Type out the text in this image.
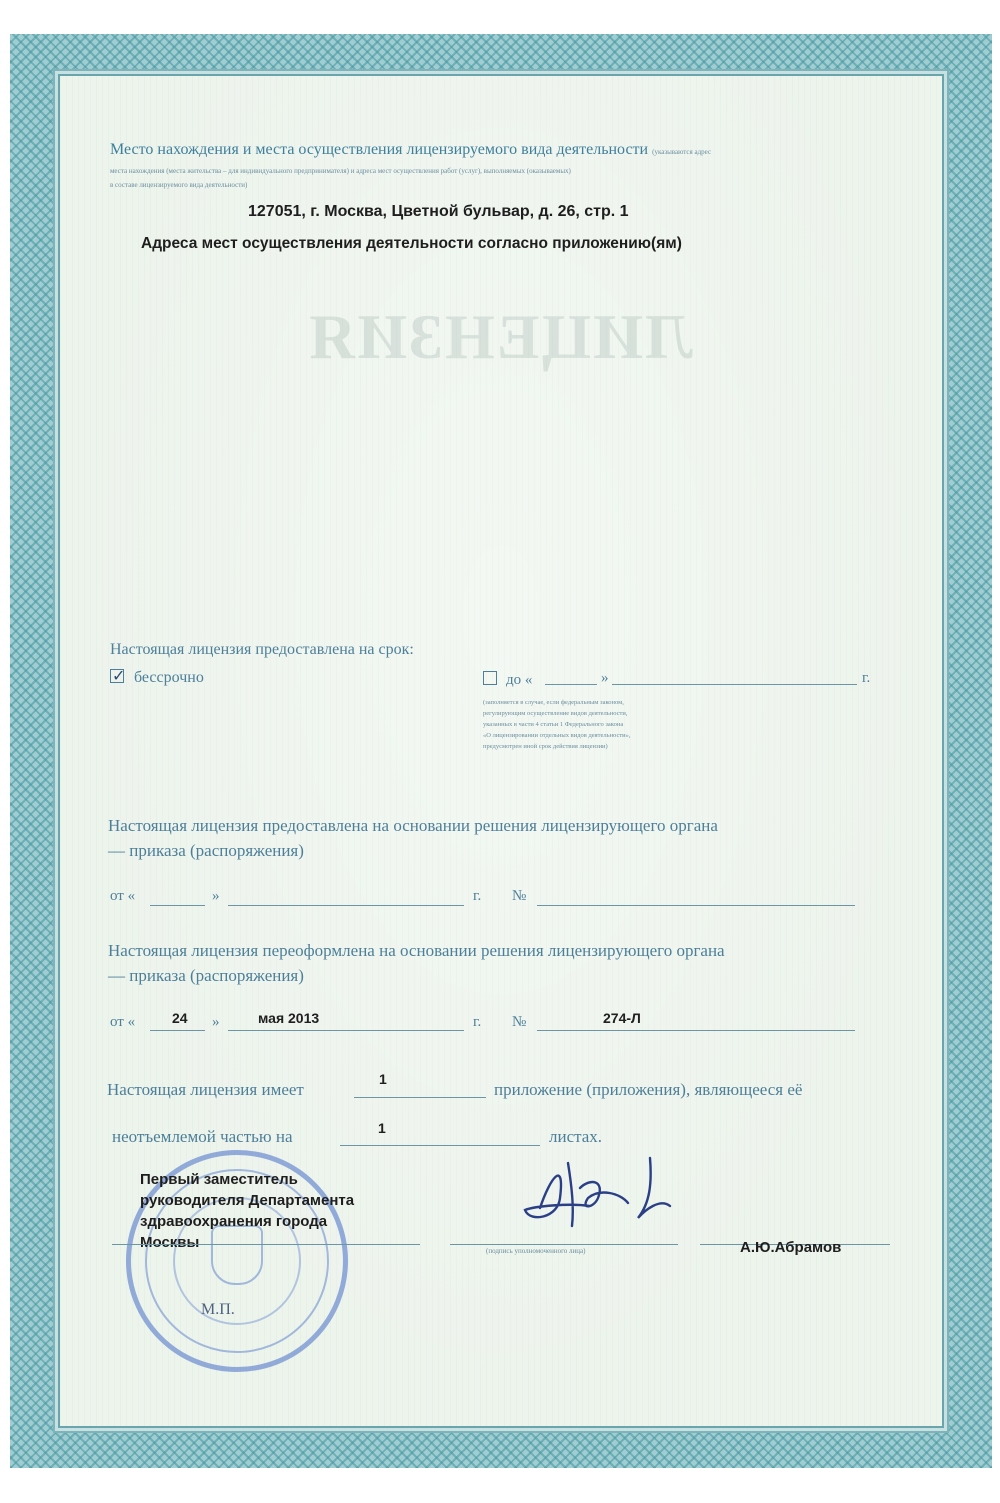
ЛИЦЕНЗИЯ
Место нахождения и места осуществления лицензируемого вида деятельности (указываются адрес
места нахождения (места жительства – для индивидуального предпринимателя) и адреса мест осуществления работ (услуг), выполняемых (оказываемых)
в составе лицензируемого вида деятельности)
127051, г. Москва, Цветной бульвар, д. 26, стр. 1
Адреса мест осуществления деятельности согласно приложению(ям)
Настоящая лицензия предоставлена на срок:
✓ бессрочно	до «	»	г.
(заполняется в случае, если федеральным законом,
регулирующим осуществление видов деятельности,
указанных в части 4 статьи 1 Федерального закона
«О лицензировании отдельных видов деятельности»,
предусмотрен иной срок действия лицензии)
Настоящая лицензия предоставлена на основании решения лицензирующего органа
— приказа (распоряжения)
от «	»	г. №
Настоящая лицензия переоформлена на основании решения лицензирующего органа
— приказа (распоряжения)
от «	24 »	мая 2013	г. №	274-Л
Настоящая лицензия имеет
1
приложение (приложения), являющееся её
неотъемлемой частью на	1	листах.
М.П.
Первый заместитель
руководителя Департамента
здравоохранения города
Москвы	(подпись уполномоченного лица)	А.Ю.Абрамов
